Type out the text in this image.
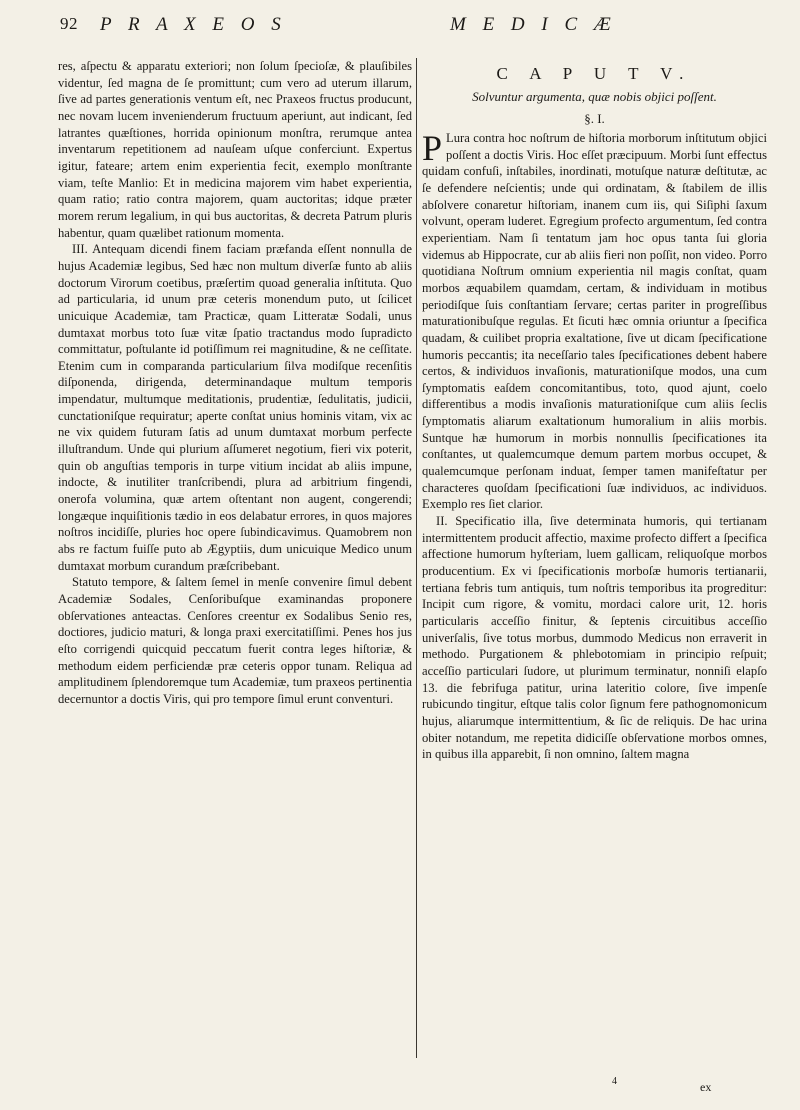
92 P R A X E O S	M E D I C Æ

res, aſpectu & apparatu exteriori; non ſolum ſpecioſæ, & plauſibiles videntur, ſed magna de ſe promittunt; cum vero ad uterum illarum, ſive ad partes generationis ventum eſt, nec Praxeos fructus producunt, nec novam lucem invenienderum fructuum aperiunt, aut indicant, ſed latrantes quæſtiones, horrida opinionum monſtra, rerumque antea inventarum repetitionem ad nauſeam uſque conferciunt. Expertus igitur, fateare; artem enim experientia fecit, exemplo monſtrante viam, teſte Manlio: Et in medicina majorem vim habet experientia, quam ratio; ratio contra majorem, quam auctoritas; idque præter morem rerum legalium, in qui bus auctoritas, & decreta Patrum pluris habentur, quam quælibet rationum momenta.

III. Antequam dicendi finem faciam præfanda eſſent nonnulla de hujus Academiæ legibus, Sed hæc non multum diverſæ funto ab aliis doctorum Virorum coetibus, præſertim quoad generalia inſtituta. Quo ad particularia, id unum præ ceteris monendum puto, ut ſcilicet unicuique Academiæ, tam Practicæ, quam Litteratæ Sodali, unus dumtaxat morbus toto ſuæ vitæ ſpatio tractandus modo ſupradicto committatur, poſtulante id potiſſimum rei magnitudine, & ne ceſſitate. Etenim cum in comparanda particularium ſilva modiſque recenſitis diſponenda, dirigenda, determinandaque multum temporis impendatur, multumque meditationis, prudentiæ, ſedulitatis, judicii, cunctationiſque requiratur; aperte conſtat unius hominis vitam, vix ac ne vix quidem futuram ſatis ad unum dumtaxat morbum perfecte illuſtrandum. Unde qui plurium aſſumeret negotium, fieri vix poterit, quin ob anguſtias temporis in turpe vitium incidat ab aliis impune, indocte, & inutiliter tranſcribendi, plura ad arbitrium fingendi, onerofa volumina, quæ artem oſtentant non augent, congerendi; longæque inquiſitionis tædio in eos delabatur errores, in quos majores noſtros incidiſſe, pluries hoc opere ſubindicavimus. Quamobrem non abs re factum fuiſſe puto ab Ægyptiis, dum unicuique Medico unum dumtaxat morbum curandum præſcribebant.

Statuto tempore, & ſaltem ſemel in menſe convenire ſimul debent Academiæ Sodales, Cenſoribuſque examinandas proponere obſervationes anteactas. Cenſores creentur ex Sodalibus Senio res, doctiores, judicio maturi, & longa praxi exercitatiſſimi. Penes hos jus eſto corrigendi quicquid peccatum fuerit contra leges hiſtoriæ, & methodum eidem perficiendæ præ ceteris oppor tunam. Reliqua ad amplitudinem ſplendoremque tum Academiæ, tum praxeos pertinentia decernuntor a doctis Viris, qui pro tempore ſimul erunt conventuri.

C A P U T V.
Solvuntur argumenta, quæ nobis objici poſſent.
§. I.

P Lura contra hoc noſtrum de hiſtoria morborum inſtitutum objici poſſent a doctis Viris. Hoc eſſet præcipuum. Morbi ſunt effectus quidam confuſi, inſtabiles, inordinati, motuſque naturæ deſtitutæ, ac ſe defendere neſcientis; unde qui ordinatam, & ſtabilem de illis abſolvere conaretur hiſtoriam, inanem cum iis, qui Siſiphi ſaxum volvunt, operam luderet. Egregium profecto argumentum, ſed contra experientiam. Nam ſi tentatum jam hoc opus tanta ſui gloria videmus ab Hippocrate, cur ab aliis fieri non poſſit, non video. Porro quotidiana Noſtrum omnium experientia nil magis conſtat, quam morbos æquabilem quamdam, certam, & individuam in motibus periodiſque ſuis conſtantiam ſervare; certas pariter in progreſſibus maturationibuſque regulas. Et ſicuti hæc omnia oriuntur a ſpecifica quadam, & cuilibet propria exaltatione, ſive ut dicam ſpecificatione humoris peccantis; ita neceſſario tales ſpecificationes debent habere certos, & individuos invaſionis, maturationiſque modos, una cum ſymptomatis eaſdem concomitantibus, toto, quod ajunt, coelo differentibus a modis invaſionis maturationiſque cum aliis ſeclis ſymptomatis aliarum exaltationum humoralium in aliis morbis. Suntque hæ humorum in morbis nonnullis ſpecificationes ita conſtantes, ut qualemcumque demum partem morbus occupet, & qualemcumque perſonam induat, ſemper tamen manifeſtatur per characteres quoſdam ſpecificationi ſuæ individuos, ac individuos. Exemplo res ſiet clarior.

II. Specificatio illa, ſive determinata humoris, qui tertianam intermittentem producit affectio, maxime profecto differt a ſpecifica affectione humorum hyſteriam, luem gallicam, reliquoſque morbos producentium. Ex vi ſpecificationis morboſæ humoris tertianarii, tertiana febris tum antiquis, tum noſtris temporibus ita progreditur: Incipit cum rigore, & vomitu, mordaci calore urit, 12. horis particularis acceſſio finitur, & ſeptenis circuitibus acceſſio univerſalis, ſive totus morbus, dummodo Medicus non erraverit in methodo. Purgationem & phlebotomiam in principio reſpuit; acceſſio particulari ſudore, ut plurimum terminatur, nonniſi elapſo 13. die febrifuga patitur, urina lateritio colore, ſive impenſe rubicundo tingitur, eſtque talis color ſignum fere pathognomonicum hujus, aliarumque intermittentium, & ſic de reliquis. De hac urina obiter notandum, me repetita didiciſſe obſervatione morbos omnes, in quibus illa apparebit, ſi non omnino, ſaltem magna

4	ex
